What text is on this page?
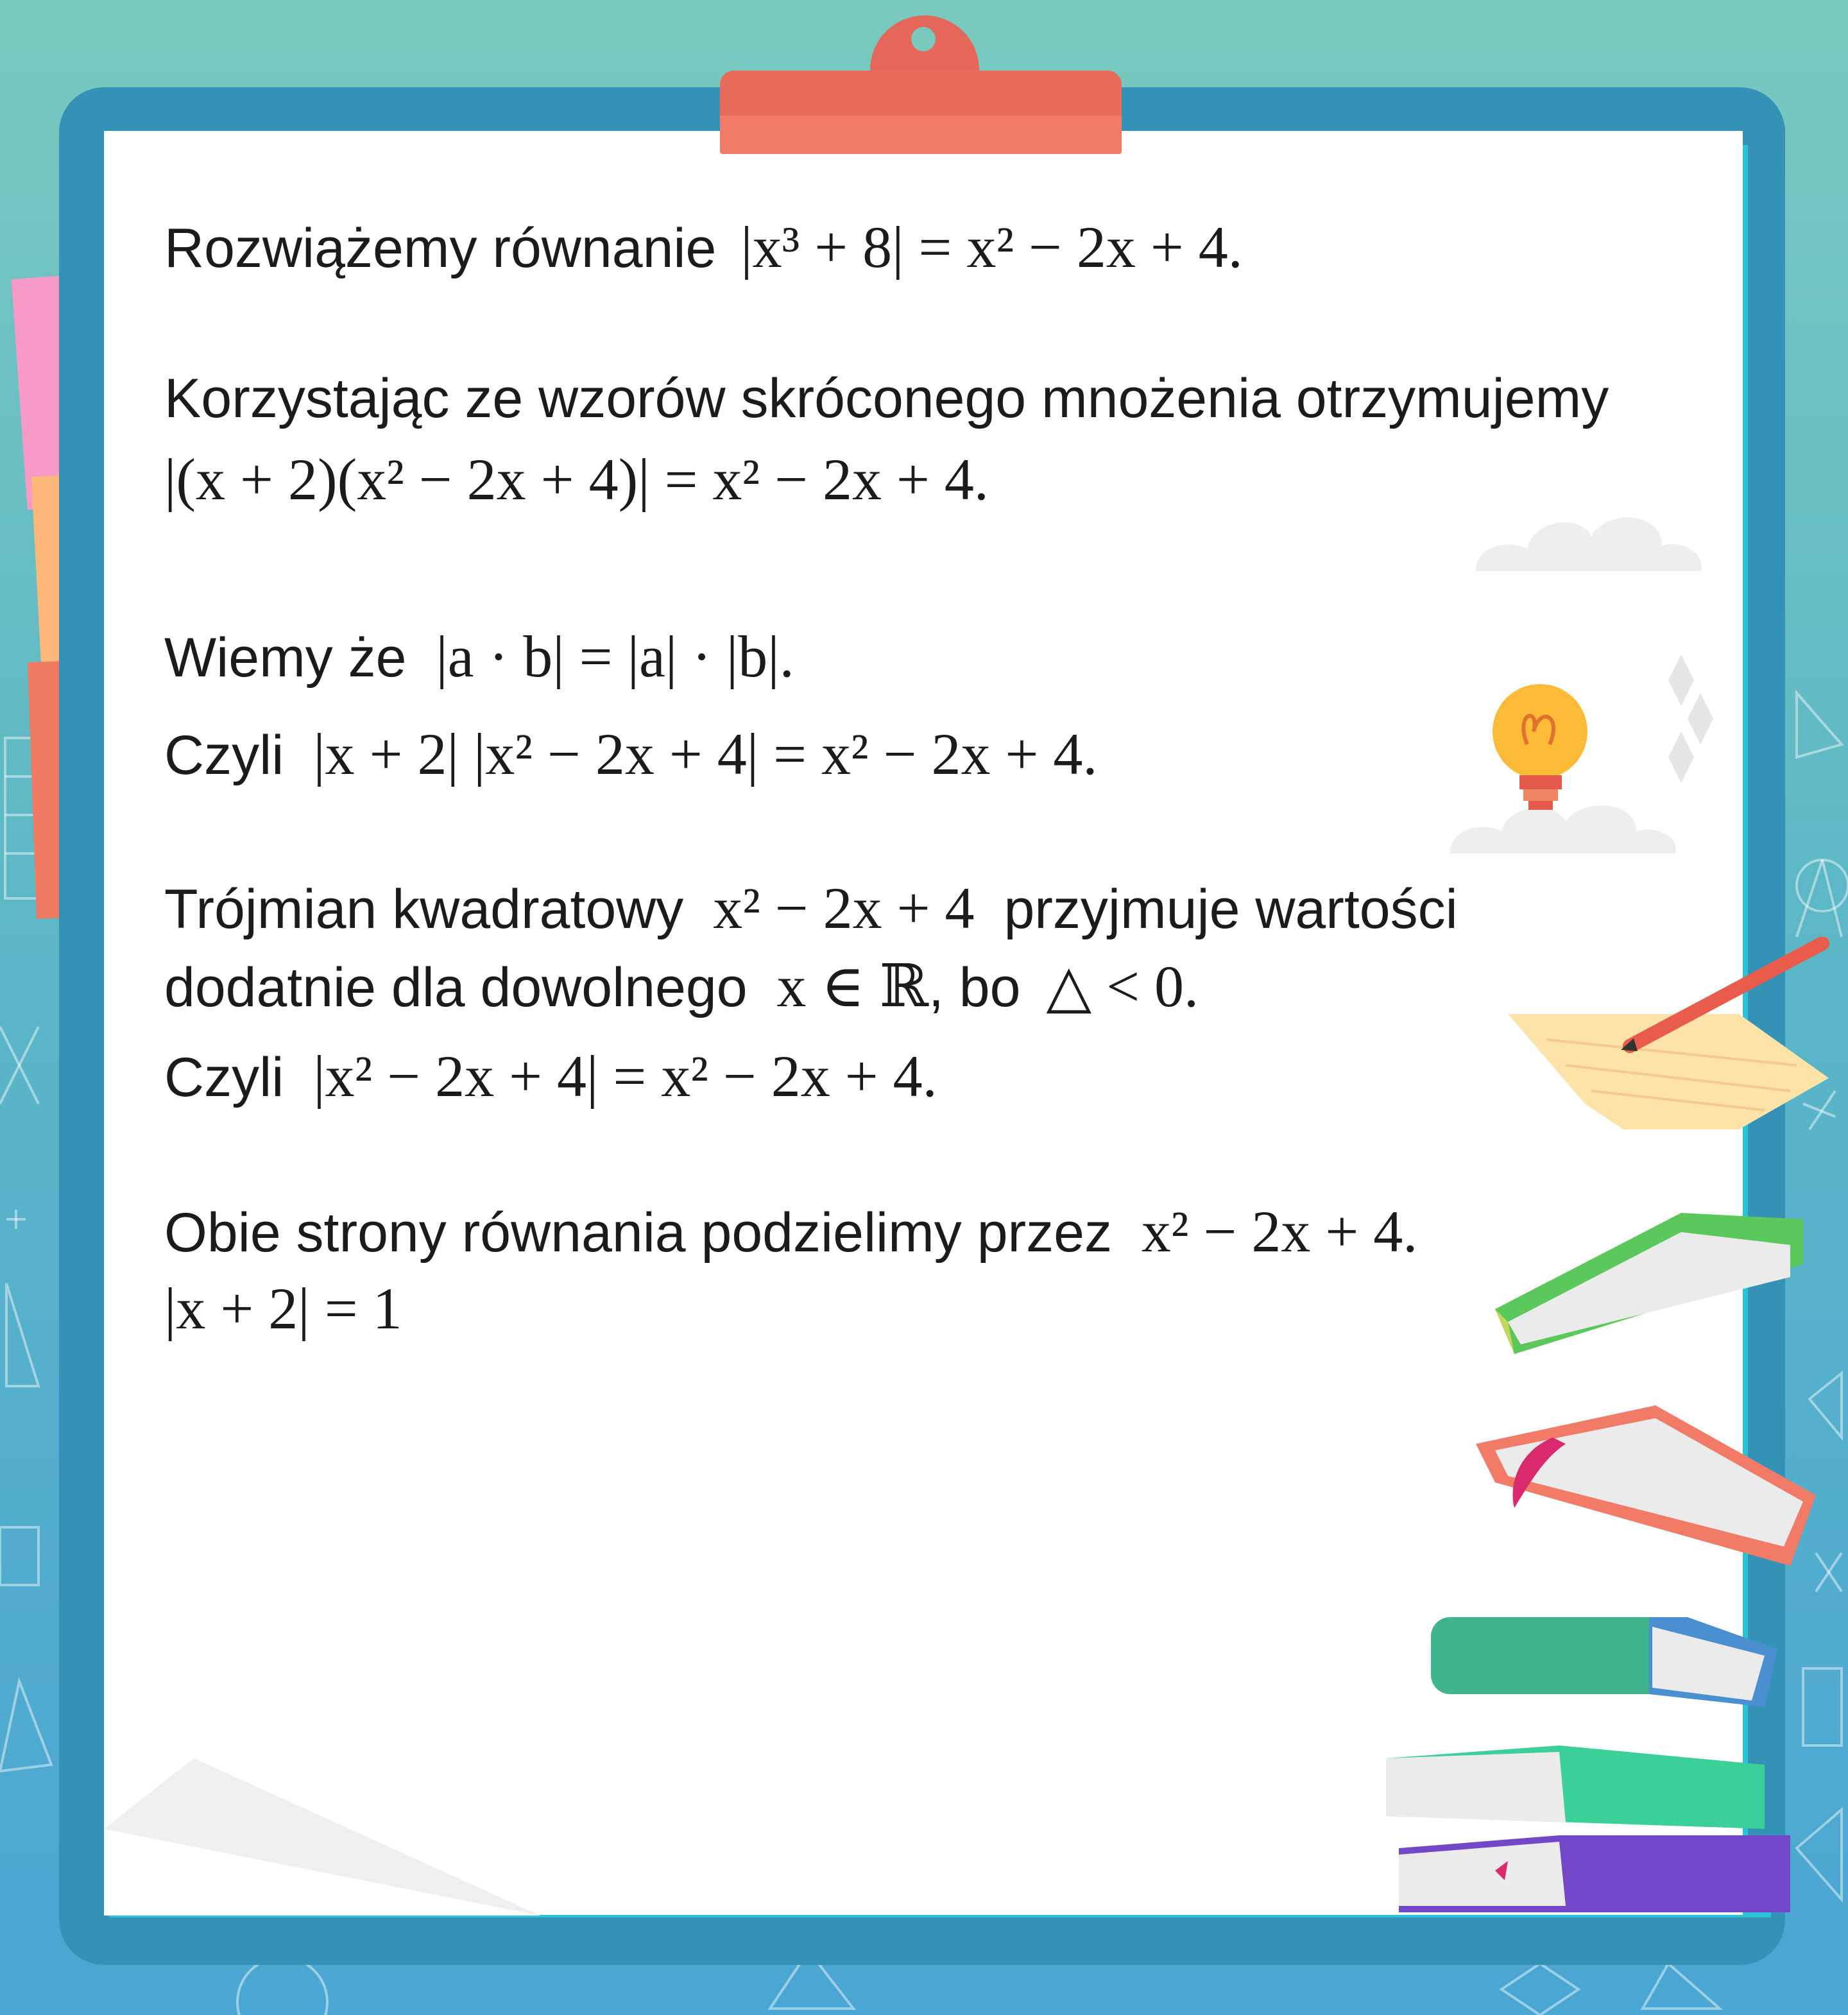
Rozwiążemy równanie |x³ + 8| = x² − 2x + 4.
Korzystając ze wzorów skróconego mnożenia otrzymujemy
|(x + 2)(x² − 2x + 4)| = x² − 2x + 4.
Wiemy że |a · b| = |a| · |b|.
Czyli |x + 2| |x² − 2x + 4| = x² − 2x + 4.
Trójmian kwadratowy x² − 2x + 4 przyjmuje wartości
dodatnie dla dowolnego x ∈ ℝ, bo △ < 0.
Czyli |x² − 2x + 4| = x² − 2x + 4.
Obie strony równania podzielimy przez x² − 2x + 4.
|x + 2| = 1
